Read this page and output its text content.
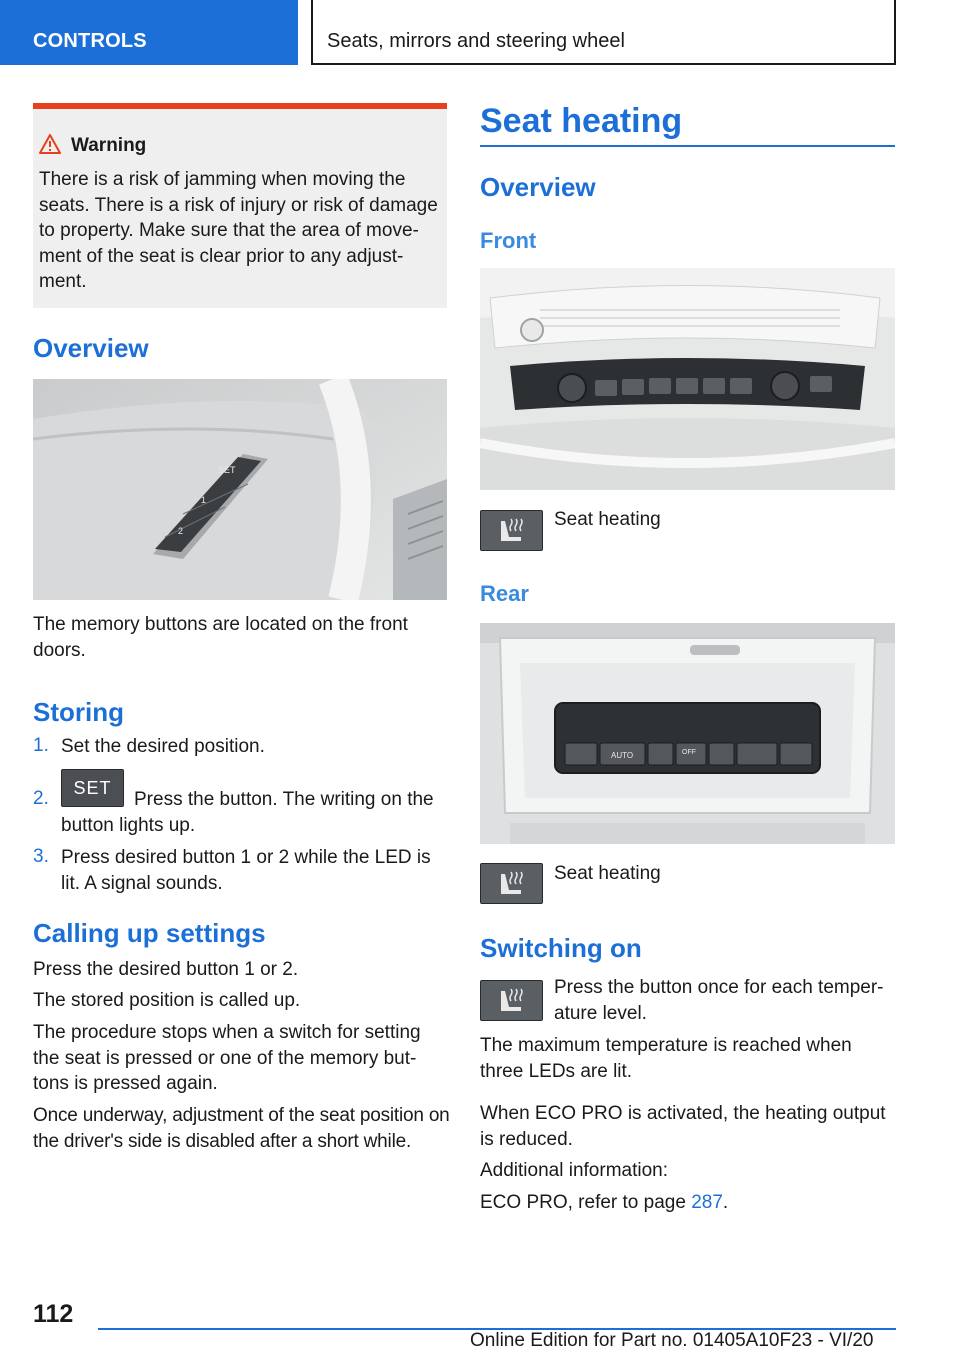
CONTROLS	Seats, mirrors and steering wheel
Warning
There is a risk of jamming when moving the seats. There is a risk of injury or risk of damage to property. Make sure that the area of move-ment of the seat is clear prior to any adjust-ment.
Overview
SET
1
2
The memory buttons are located on the front doors.
Storing
1. Set the desired position.
2.	SET
Press the button. The writing on the button lights up.
3. Press desired button 1 or 2 while the LED is lit. A signal sounds.
Calling up settings
Press the desired button 1 or 2.
The stored position is called up.
The procedure stops when a switch for setting the seat is pressed or one of the memory but-tons is pressed again.
Once underway, adjustment of the seat position on the driver's side is disabled after a short while.
Seat heating
Overview
Front
Seat heating
Rear
AUTO	OFF
Seat heating
Switching on
Press the button once for each temper-ature level.
The maximum temperature is reached when three LEDs are lit.
When ECO PRO is activated, the heating output is reduced.
Additional information:
ECO PRO, refer to page 287.
112
Online Edition for Part no. 01405A10F23 - VI/20
